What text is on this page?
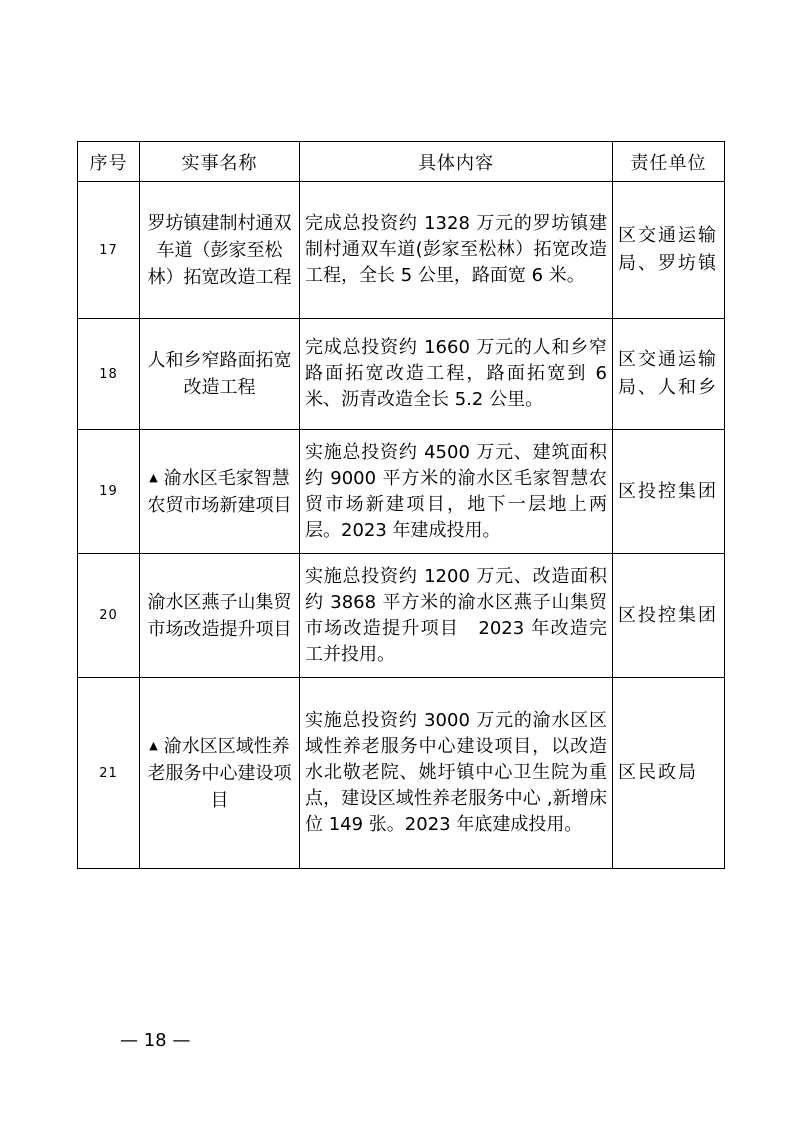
序号	实事名称	具体内容	责任单位
17	罗坊镇建制村通双车道（彭家至松林）拓宽改造工程	完成总投资约 1328 万元的罗坊镇建制村通双车道(彭家至松林）拓宽改造工程，全长 5 公里，路面宽 6 米。	区交通运输局、罗坊镇
18	人和乡窄路面拓宽改造工程	完成总投资约 1660 万元的人和乡窄路面拓宽改造工程，路面拓宽到 6 米、沥青改造全长 5.2 公里。	区交通运输局、人和乡
19	▲ 渝水区毛家智慧农贸市场新建项目	实施总投资约 4500 万元、建筑面积约 9000 平方米的渝水区毛家智慧农贸市场新建项目，地下一层地上两层。2023 年建成投用。	区投控集团
20	渝水区燕子山集贸市场改造提升项目	实施总投资约 1200 万元、改造面积约 3868 平方米的渝水区燕子山集贸市场改造提升项目　2023 年改造完工并投用。	区投控集团
21	▲ 渝水区区域性养老服务中心建设项目	实施总投资约 3000 万元的渝水区区域性养老服务中心建设项目，以改造水北敬老院、姚圩镇中心卫生院为重点，建设区域性养老服务中心 ,新增床位 149 张。2023 年底建成投用。	区民政局
— 18 —
